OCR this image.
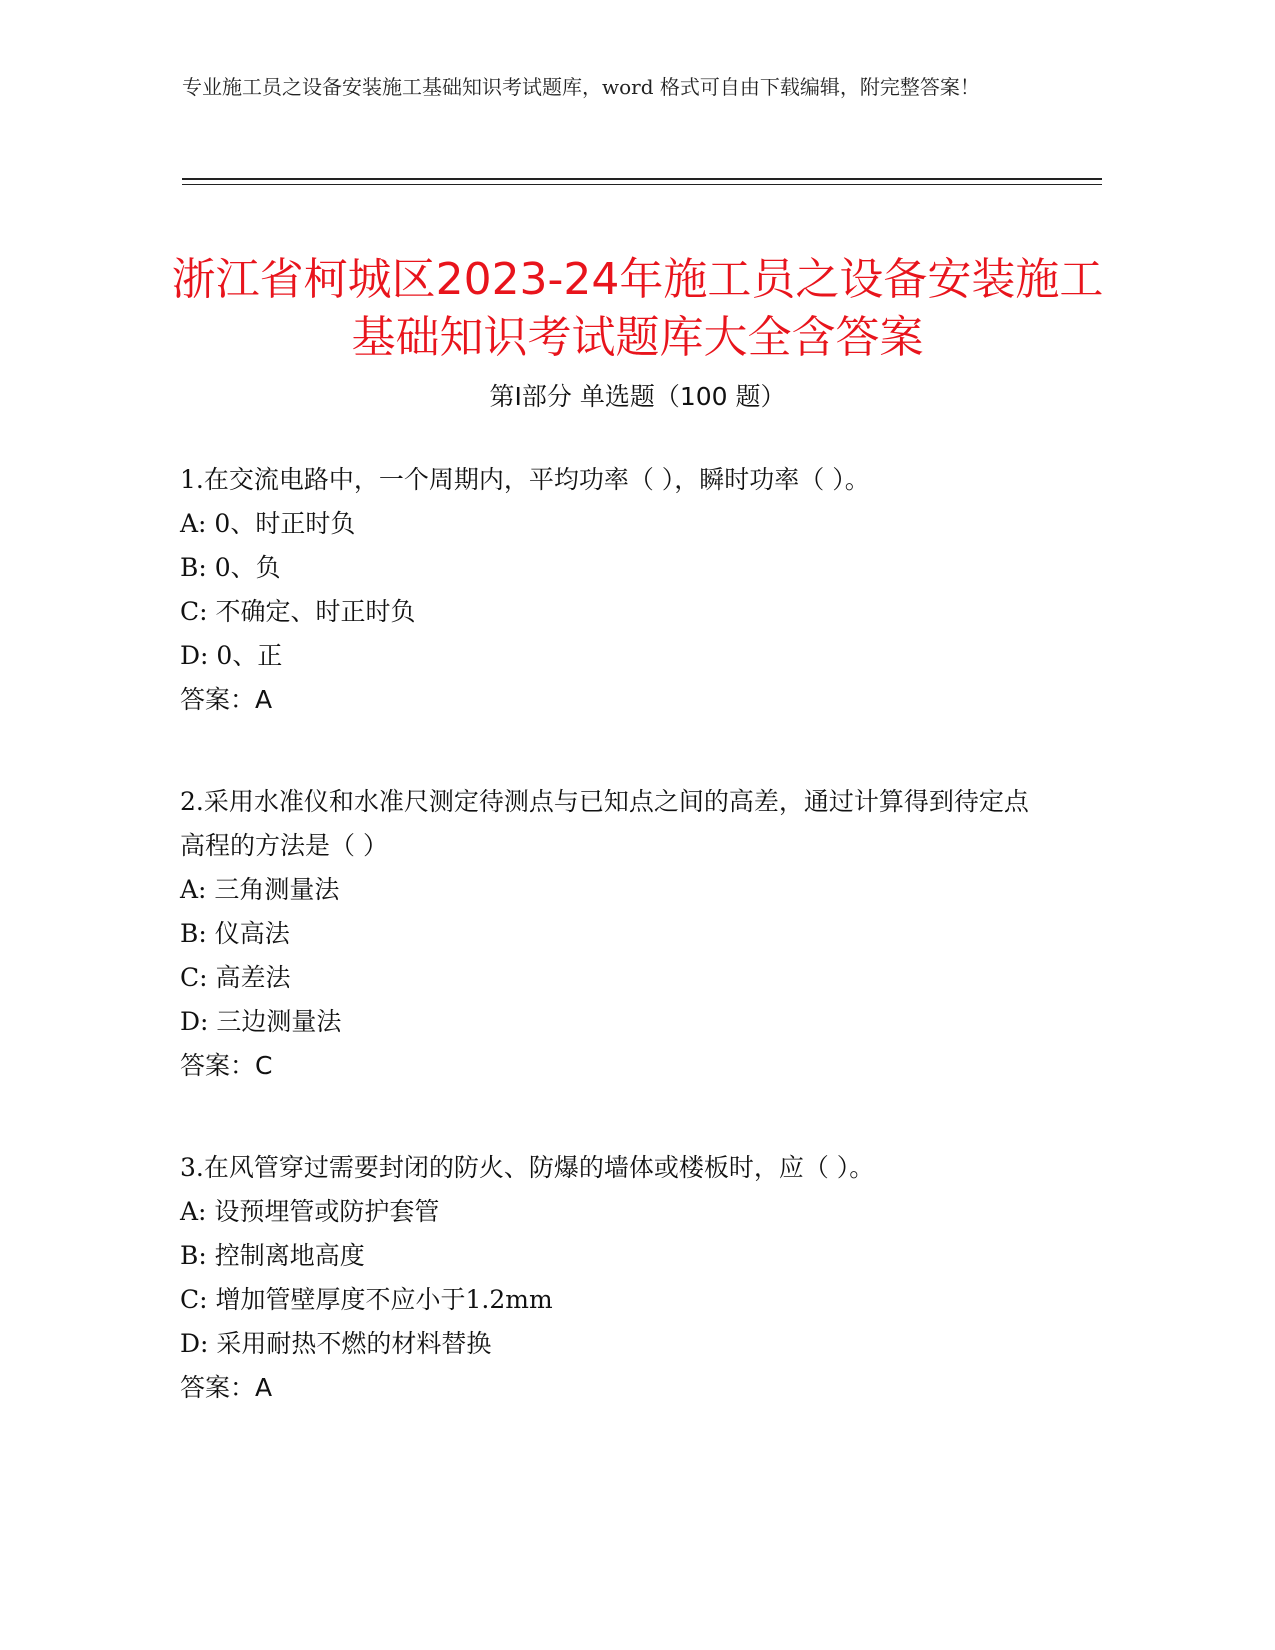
专业施工员之设备安装施工基础知识考试题库，word 格式可自由下载编辑，附完整答案！
浙江省柯城区2023-24年施工员之设备安装施工基础知识考试题库大全含答案
第Ⅰ部分 单选题（100 题）
1.在交流电路中，一个周期内，平均功率（ ），瞬时功率（ ）。
A: 0、时正时负
B: 0、负
C: 不确定、时正时负
D: 0、正
答案：A
2.采用水准仪和水准尺测定待测点与已知点之间的高差，通过计算得到待定点高程的方法是（ ）
A: 三角测量法
B: 仪高法
C: 高差法
D: 三边测量法
答案：C
3.在风管穿过需要封闭的防火、防爆的墙体或楼板时，应（ ）。
A: 设预埋管或防护套管
B: 控制离地高度
C: 增加管壁厚度不应小于1.2mm
D: 采用耐热不燃的材料替换
答案：A
